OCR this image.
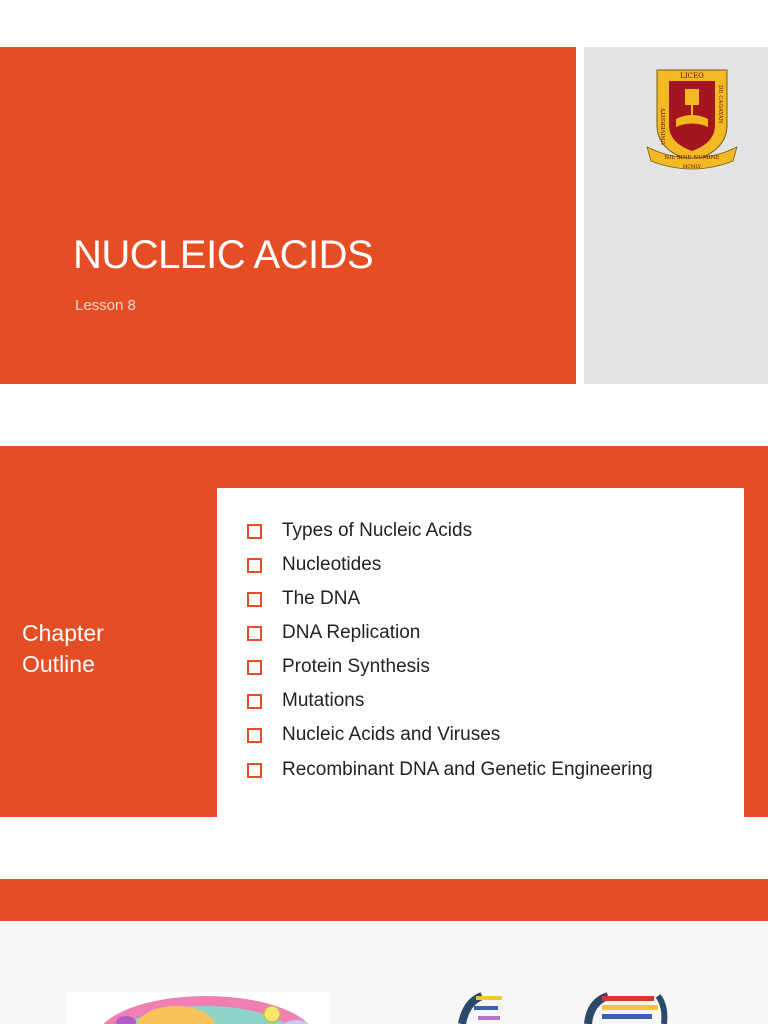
NUCLEIC ACIDS
Lesson 8
LICEO
UNIVERSITY
DE CAGAYAN
NIL SINE NUMINE
MCMLV
Chapter
Outline
Types of Nucleic Acids
Nucleotides
The DNA
DNA Replication
Protein Synthesis
Mutations
Nucleic Acids and Viruses
Recombinant DNA and Genetic Engineering
